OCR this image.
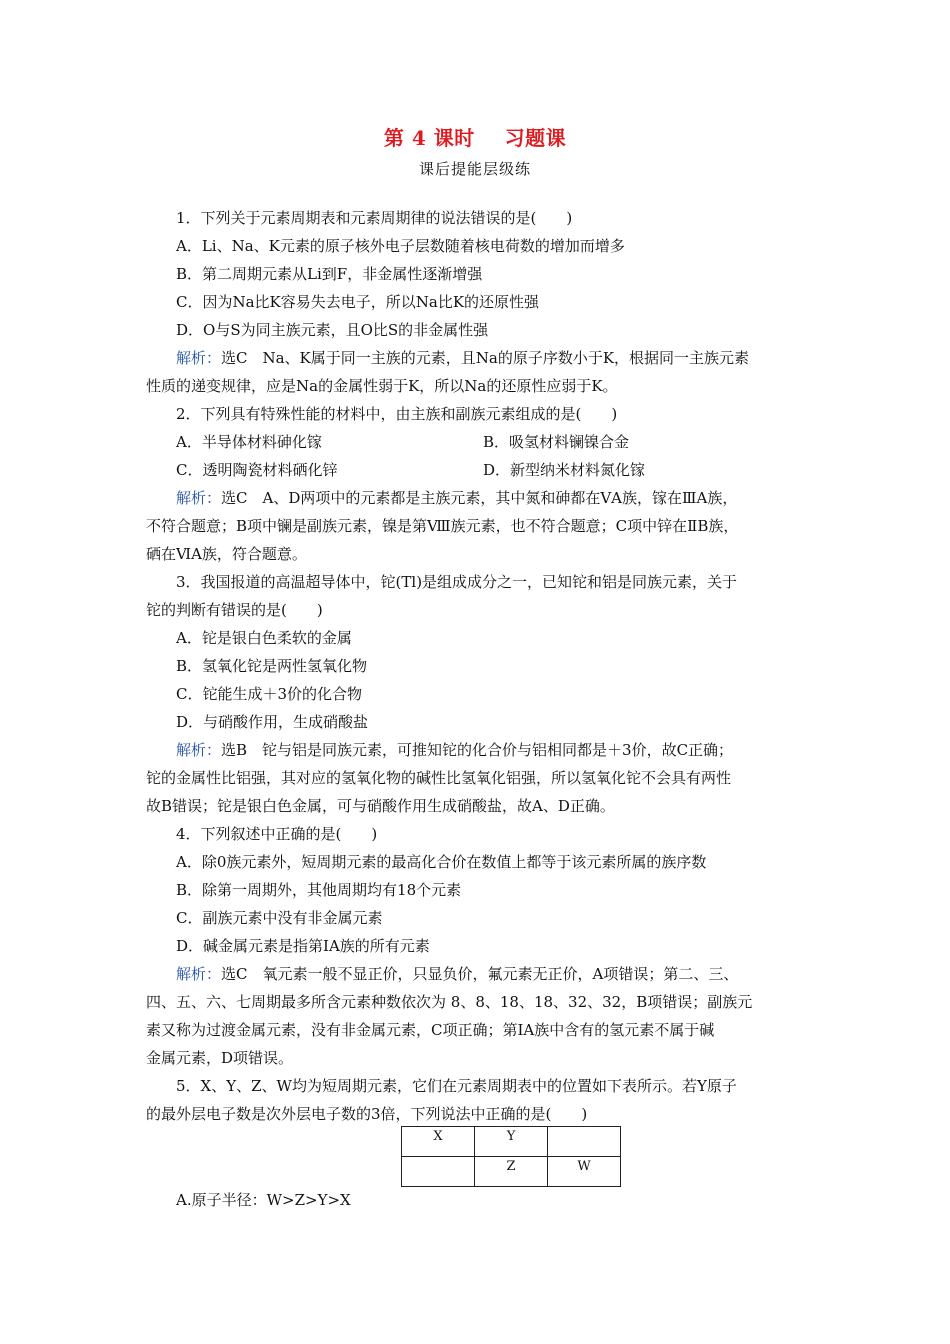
第 4 课时    习题课
课后提能层级练
1．下列关于元素周期表和元素周期律的说法错误的是(　　)
A．Li、Na、K元素的原子核外电子层数随着核电荷数的增加而增多
B．第二周期元素从Li到F，非金属性逐渐增强
C．因为Na比K容易失去电子，所以Na比K的还原性强
D．O与S为同主族元素，且O比S的非金属性强
解析：选C　Na、K属于同一主族的元素，且Na的原子序数小于K，根据同一主族元素
性质的递变规律，应是Na的金属性弱于K，所以Na的还原性应弱于K。
2．下列具有特殊性能的材料中，由主族和副族元素组成的是(　　)
A．半导体材料砷化镓	B．吸氢材料镧镍合金
C．透明陶瓷材料硒化锌	D．新型纳米材料氮化镓
解析：选C　A、D两项中的元素都是主族元素，其中氮和砷都在ⅤA族，镓在ⅢA族，
不符合题意；B项中镧是副族元素，镍是第Ⅷ族元素，也不符合题意；C项中锌在ⅡB族，
硒在ⅥA族，符合题意。
3．我国报道的高温超导体中，铊(Tl)是组成成分之一，已知铊和铝是同族元素，关于
铊的判断有错误的是(　　)
A．铊是银白色柔软的金属
B．氢氧化铊是两性氢氧化物
C．铊能生成＋3价的化合物
D．与硝酸作用，生成硝酸盐
解析：选B　铊与铝是同族元素，可推知铊的化合价与铝相同都是＋3价，故C正确；
铊的金属性比铝强，其对应的氢氧化物的碱性比氢氧化铝强，所以氢氧化铊不会具有两性
故B错误；铊是银白色金属，可与硝酸作用生成硝酸盐，故A、D正确。
4．下列叙述中正确的是(　　)
A．除0族元素外，短周期元素的最高化合价在数值上都等于该元素所属的族序数
B．除第一周期外，其他周期均有18个元素
C．副族元素中没有非金属元素
D．碱金属元素是指第ⅠA族的所有元素
解析：选C　氧元素一般不显正价，只显负价，氟元素无正价，A项错误；第二、三、
四、五、六、七周期最多所含元素种数依次为 8、8、18、18、32、32，B项错误；副族元
素又称为过渡金属元素，没有非金属元素，C项正确；第ⅠA族中含有的氢元素不属于碱
金属元素，D项错误。
5．X、Y、Z、W均为短周期元素，它们在元素周期表中的位置如下表所示。若Y原子
的最外层电子数是次外层电子数的3倍，下列说法中正确的是(　　)
X	Y	
	Z	W
A.原子半径：W>Z>Y>X
